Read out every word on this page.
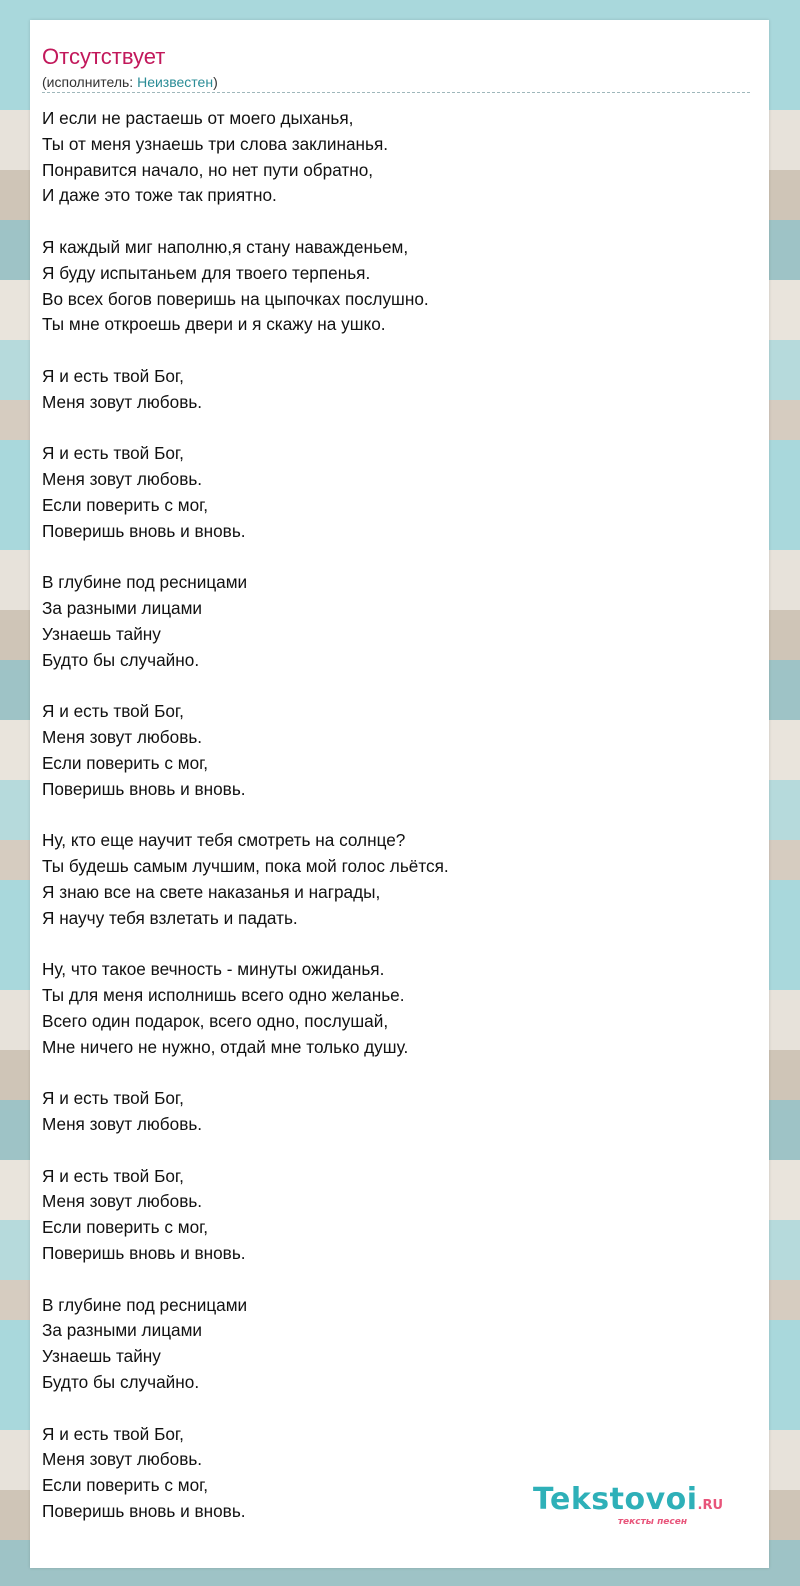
Отсутствует
(исполнитель: Неизвестен)
И если не растаешь от моего дыханья,
Ты от меня узнаешь три слова заклинанья.
Понравится начало, но нет пути обратно,
И даже это тоже так приятно.
Я каждый миг наполню,я стану наважденьем,
Я буду испытаньем для твоего терпенья.
Во всех богов поверишь на цыпочках послушно.
Ты мне откроешь двери и я скажу на ушко.
Я и есть твой Бог,
Меня зовут любовь.
Я и есть твой Бог,
Меня зовут любовь.
Если поверить с мог,
Поверишь вновь и вновь.
В глубине под ресницами
За разными лицами
Узнаешь тайну
Будто бы случайно.
Я и есть твой Бог,
Меня зовут любовь.
Если поверить с мог,
Поверишь вновь и вновь.
Ну, кто еще научит тебя смотреть на солнце?
Ты будешь самым лучшим, пока мой голос льётся.
Я знаю все на свете наказанья и награды,
Я научу тебя взлетать и падать.
Ну, что такое вечность - минуты ожиданья.
Ты для меня исполнишь всего одно желанье.
Всего один подарок, всего одно, послушай,
Мне ничего не нужно, отдай мне только душу.
Я и есть твой Бог,
Меня зовут любовь.
Я и есть твой Бог,
Меня зовут любовь.
Если поверить с мог,
Поверишь вновь и вновь.
В глубине под ресницами
За разными лицами
Узнаешь тайну
Будто бы случайно.
Я и есть твой Бог,
Меня зовут любовь.
Если поверить с мог,
Поверишь вновь и вновь.	Tekstovoi.RU
тексты песен
